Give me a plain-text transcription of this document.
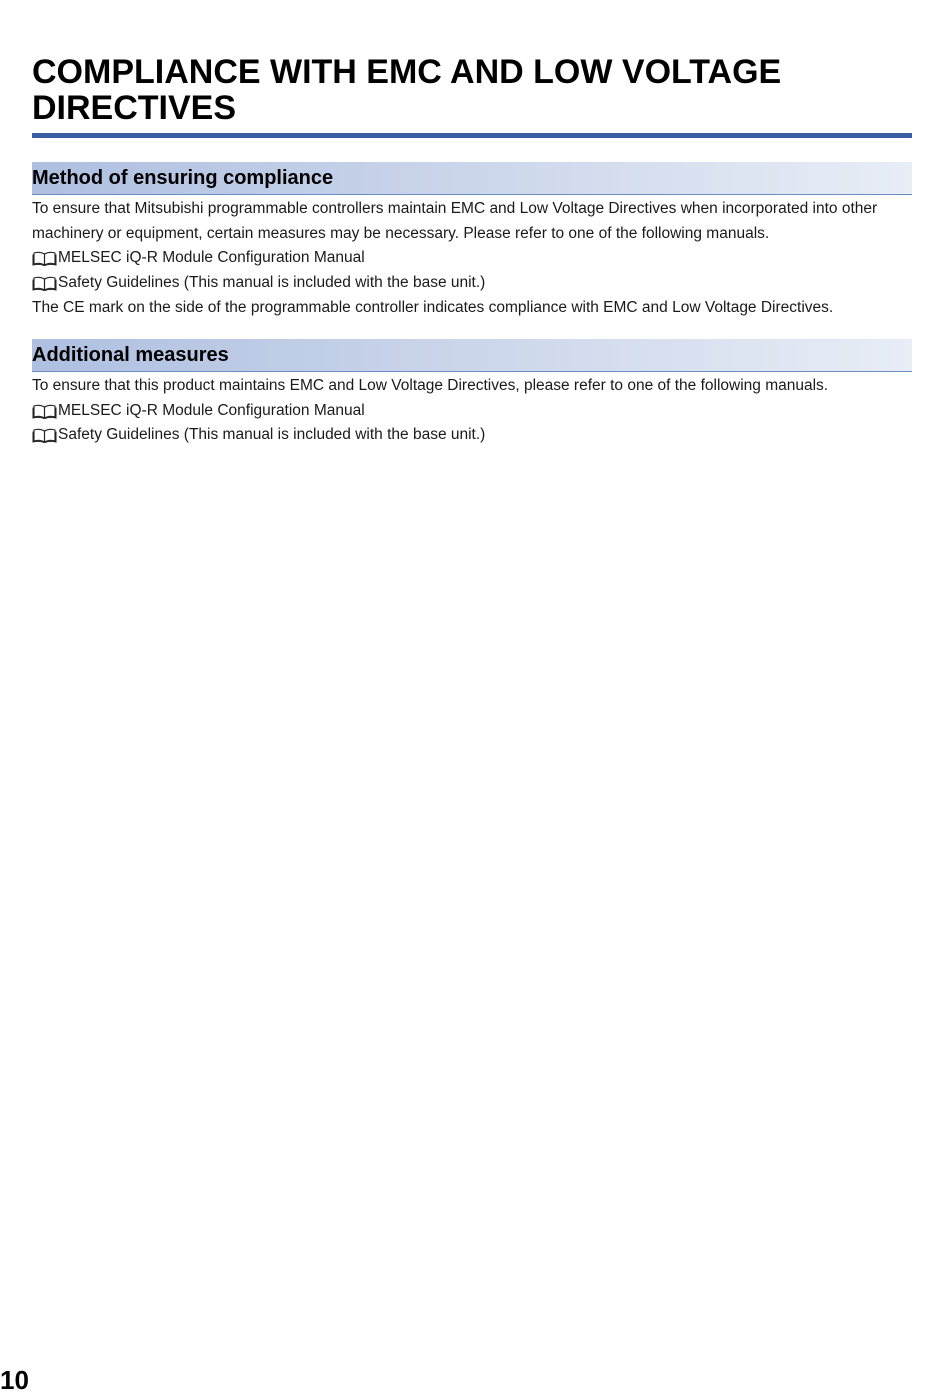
COMPLIANCE WITH EMC AND LOW VOLTAGE DIRECTIVES
Method of ensuring compliance

To ensure that Mitsubishi programmable controllers maintain EMC and Low Voltage Directives when incorporated into other machinery or equipment, certain measures may be necessary. Please refer to one of the following manuals.

MELSEC iQ-R Module Configuration Manual
Safety Guidelines (This manual is included with the base unit.)

The CE mark on the side of the programmable controller indicates compliance with EMC and Low Voltage Directives.

Additional measures

To ensure that this product maintains EMC and Low Voltage Directives, please refer to one of the following manuals.

MELSEC iQ-R Module Configuration Manual
Safety Guidelines (This manual is included with the base unit.)
10
